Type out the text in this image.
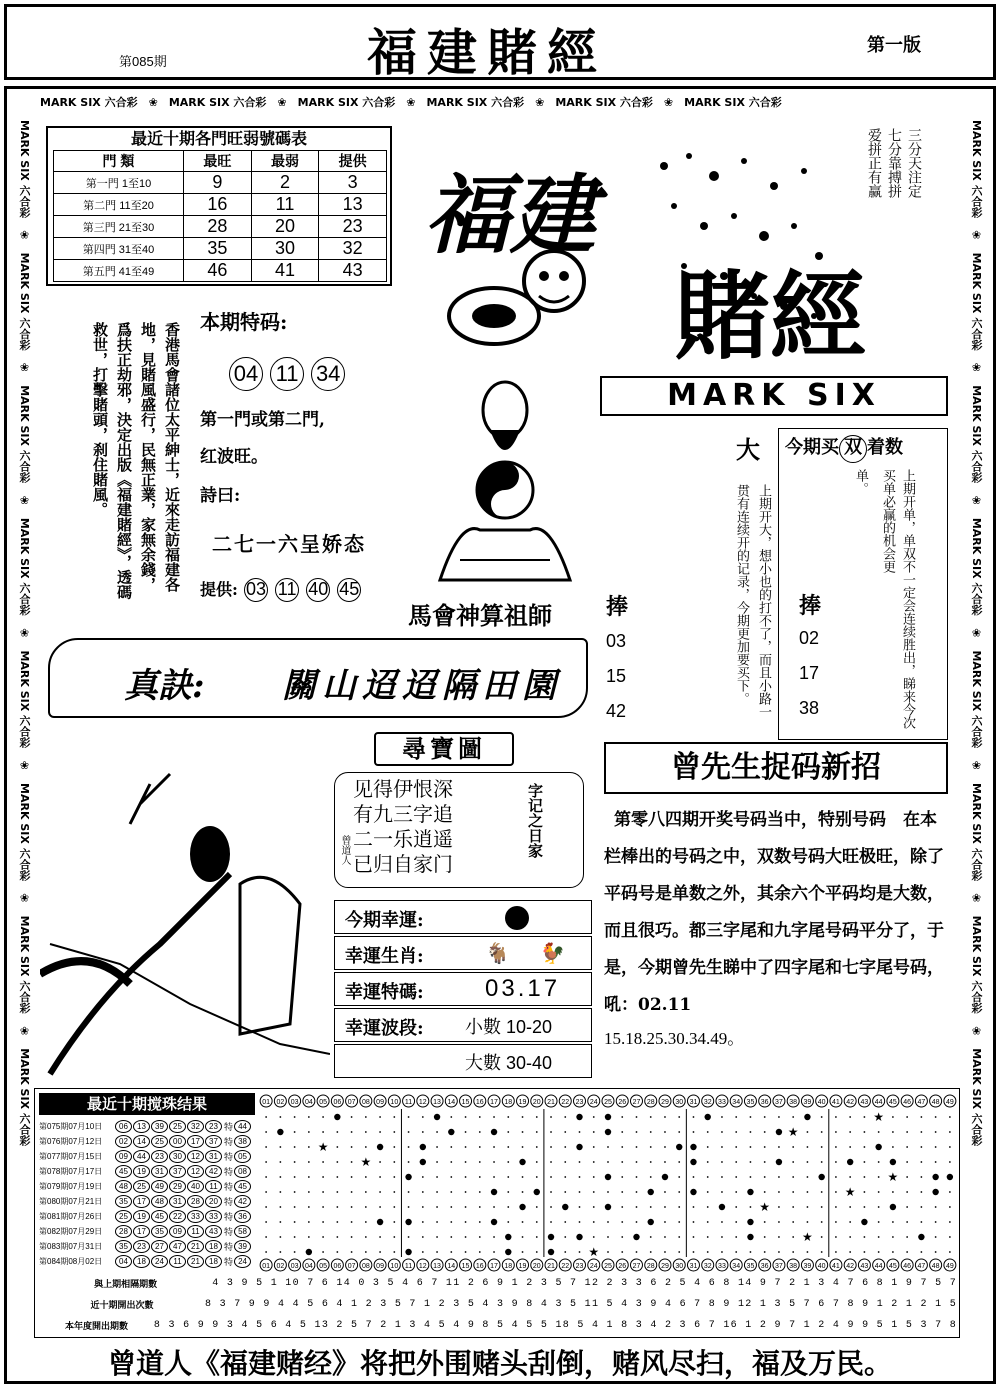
第085期	福建賭經	第一版
MARK SIX 六合彩　❀　MARK SIX 六合彩　❀　MARK SIX 六合彩　❀　MARK SIX 六合彩　❀　MARK SIX 六合彩　❀　MARK SIX 六合彩
MARK SIX 六合彩　❀　MARK SIX 六合彩　❀　MARK SIX 六合彩　❀　MARK SIX 六合彩　❀　MARK SIX 六合彩　❀　MARK SIX 六合彩　❀　MARK SIX 六合彩　❀　MARK SIX 六合彩
MARK SIX 六合彩　❀　MARK SIX 六合彩　❀　MARK SIX 六合彩　❀　MARK SIX 六合彩　❀　MARK SIX 六合彩　❀　MARK SIX 六合彩　❀　MARK SIX 六合彩　❀　MARK SIX 六合彩
最近十期各門旺弱號碼表
門 類	最旺	最弱	提供
第一門 1至10	9	2	3
第二門 11至20	16	11	13
第三門 21至30	28	20	23
第四門 31至40	35	30	32
第五門 41至49	46	41	43
福建
賭經
三分天注定
七分靠搏拼
爱拼正有赢
MARK SIX
香港馬會諸位太平紳士，近來走訪福建各地，見賭風盛行，民無正業，家無余錢，爲扶正劫邪，決定出版《福建賭經》，透碼救世，打擊賭頭，刹住賭風。	本期特码:
04 11 34
第一門或第二門,
红波旺。
詩曰:
二七一六呈娇态
提供: 03 11 40 45
馬會神算祖師 捧
03
15
42
大	今期买 双 着数
单。	上期开单，单双不一定会连续胜出，睇来今次买单必赢的机会更
捧
02
17
38
上期开大，想小也的打不了，而且小路一贯有连续开的记录，今期更加要买下。
真訣: 關山迢迢隔田園
尋寶圖
见得伊恨深
有九三字追
二一乐逍遥
已归自家门
字记之日家
曾道人
今期幸運:
幸運生肖:	🐐 🐓
幸運特碼:	03.17
幸運波段: 小數 10-20
大數 30-40
曾先生捉码新招
第零八四期开奖号码当中，特别号码　在本栏棒出的号码之中，双数号码大旺极旺，除了平码号是单数之外，其余六个平码均是大数，而且很巧。都三字尾和九字尾号码平分了，于是，今期曾先生睇中了四字尾和七字尾号码，吼：02.11
15.18.25.30.34.49。
最近十期搅珠结果
第075期07月10日	06	13	39	25	32	23 特 44
第076期07月12日	02	14	25	00	17	37 特 38
第077期07月15日	09	44	23	30	12	31 特 05
第078期07月17日	45	19	31	37	12	42 特 08
第079期07月19日	48	25	49	29	40	11 特 45
第080期07月21日	35	17	48	31	28	20 特 42
第081期07月26日	25	19	45	22	33	33 特 36
第082期07月29日	28	17	35	09	11	43 特 58
第083期07月31日	35	23	27	47	21	18 特 39
第084期08月02日	04	18	24	11	21	18 特 24
01
01
02
02
03
03
04
04
05
05
06
06
07
07
08
08
09
09
10
10
11
11
12
12
13
13
14
14
15
15
16
16
17
17
18
18
19
19
20
20
21
21
22
22
23
23
24
24
25
25
26
26
27
27
28
28
29
29
30
30
31
31
32
32
33
33
34
34
35
35
36
36
37
37
38
38
39
39
40
40
41
41
42
42
43
43
44
44
45
45
46
46
47
47
48
48
49
49
★
★
★
★
★
★
★
★
★
與上期相隔期數	4 3 9 5 1 10 7 6 14 0 3 5 4 6 7 11 2 6 9 1 2 3 5 7 12 2 3 3 6 2 5 4 6 8 14 9 7 2 1 3 4 7 6 8 1 9 7 5 7
近十期開出次數	8 3 7 9 9 4 4 5 6 4 1 2 3 5 7 1 2 3 5 4 3 9 8 4 3 5 11 5 4 3 9 4 6 7 8 9 12 1 3 5 7 6 7 8 9 1 2 1 2 1 5
本年度開出期數	8 3 6 9 9 3 4 5 6 4 5 13 2 5 7 2 1 3 4 5 4 9 8 5 4 5 5 18 5 4 1 8 3 4 2 3 6 7 16 1 2 9 7 1 2 4 9 9 5 1 5 3 7 8
曾道人《福建赌经》将把外围赌头刮倒，赌风尽扫，福及万民。
